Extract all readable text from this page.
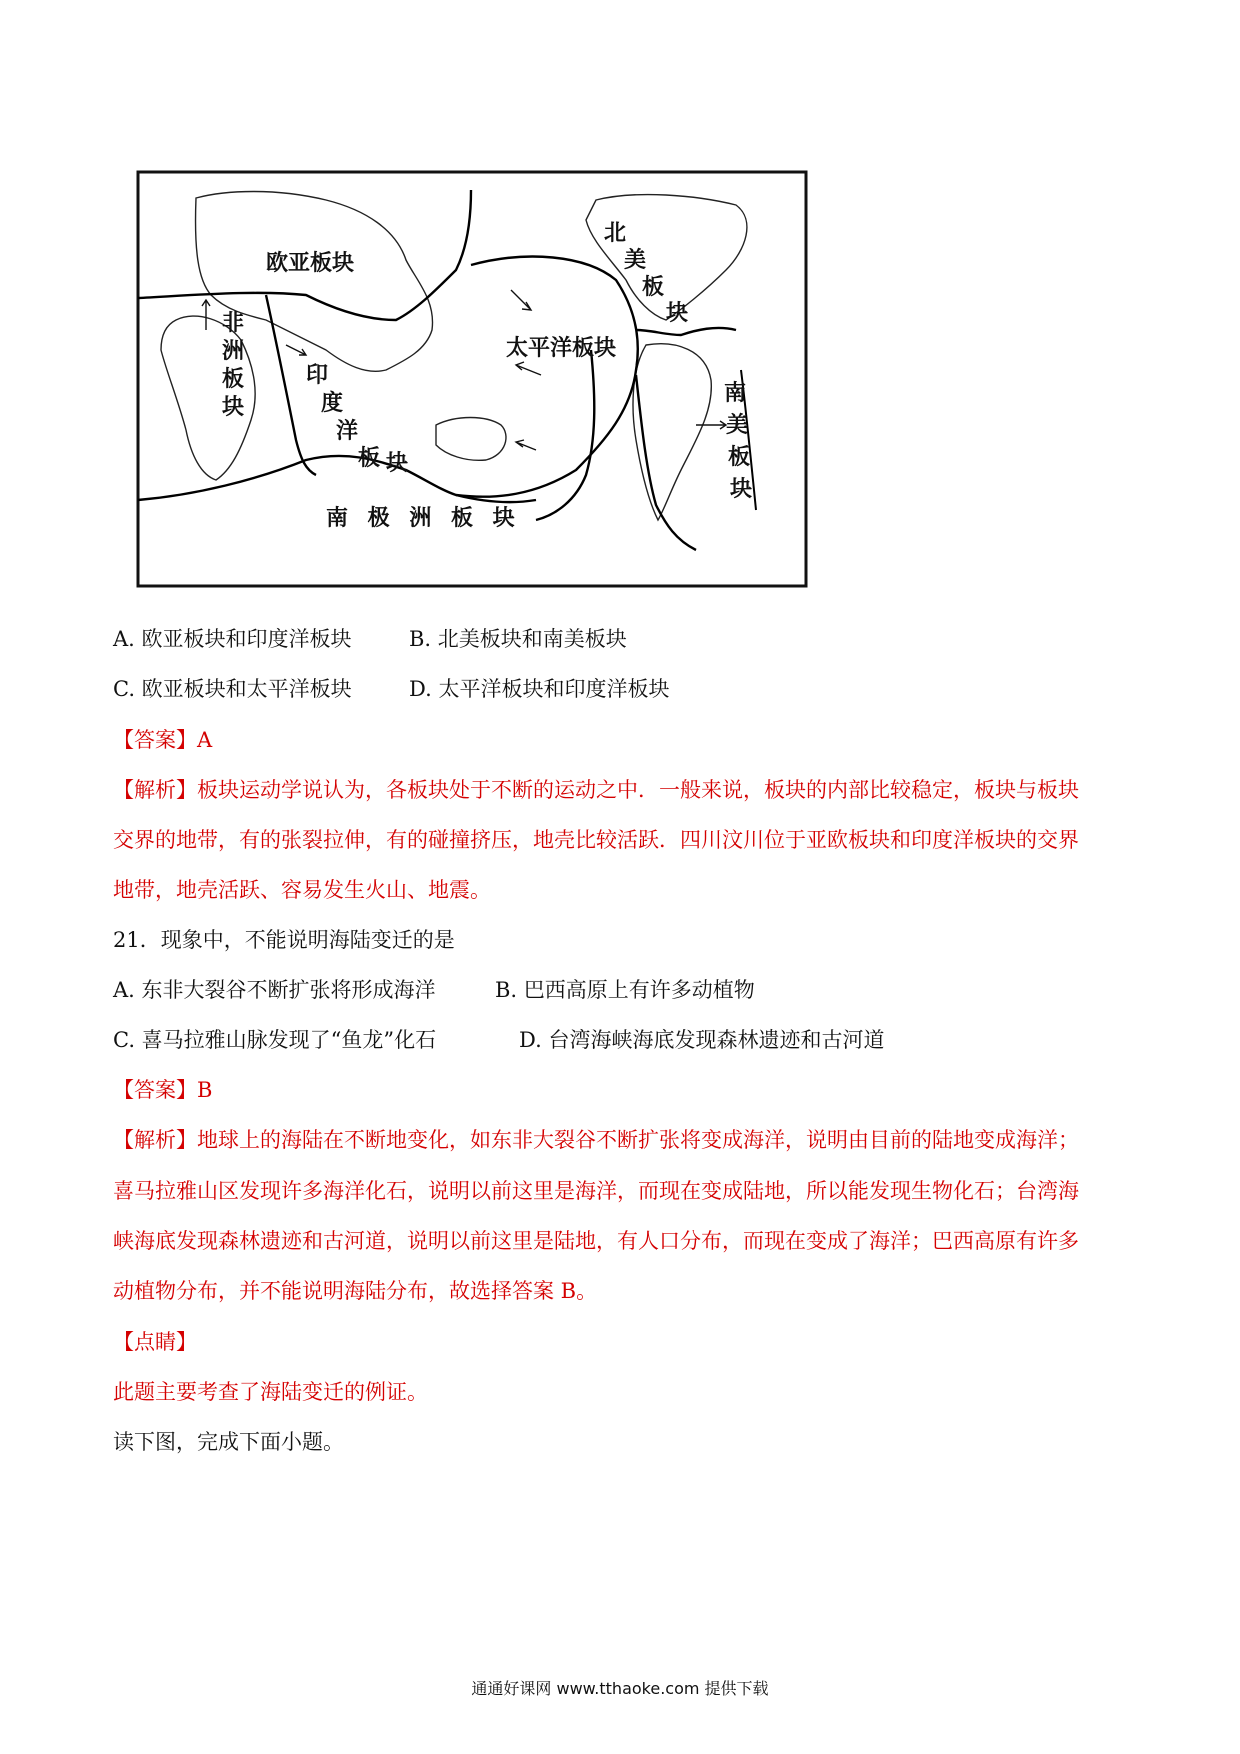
欧亚板块
太平洋板块
南 极 洲 板 块
非
洲
板
块
印
度
洋
板 块
北
美
板
块
南
美
板
块
A. 欧亚板块和印度洋板块	B. 北美板块和南美板块
C. 欧亚板块和太平洋板块	D. 太平洋板块和印度洋板块
【答案】A
【解析】板块运动学说认为，各板块处于不断的运动之中．一般来说，板块的内部比较稳定，板块与板块
交界的地带，有的张裂拉伸，有的碰撞挤压，地壳比较活跃．四川汶川位于亚欧板块和印度洋板块的交界
地带，地壳活跃、容易发生火山、地震。
21．现象中，不能说明海陆变迁的是
A. 东非大裂谷不断扩张将形成海洋	B. 巴西高原上有许多动植物
C. 喜马拉雅山脉发现了“鱼龙”化石	D. 台湾海峡海底发现森林遗迹和古河道
【答案】B
【解析】地球上的海陆在不断地变化，如东非大裂谷不断扩张将变成海洋，说明由目前的陆地变成海洋；
喜马拉雅山区发现许多海洋化石，说明以前这里是海洋，而现在变成陆地，所以能发现生物化石；台湾海
峡海底发现森林遗迹和古河道，说明以前这里是陆地，有人口分布，而现在变成了海洋；巴西高原有许多
动植物分布，并不能说明海陆分布，故选择答案 B。
【点睛】
此题主要考查了海陆变迁的例证。
读下图，完成下面小题。
通通好课网 www.tthaoke.com 提供下载
